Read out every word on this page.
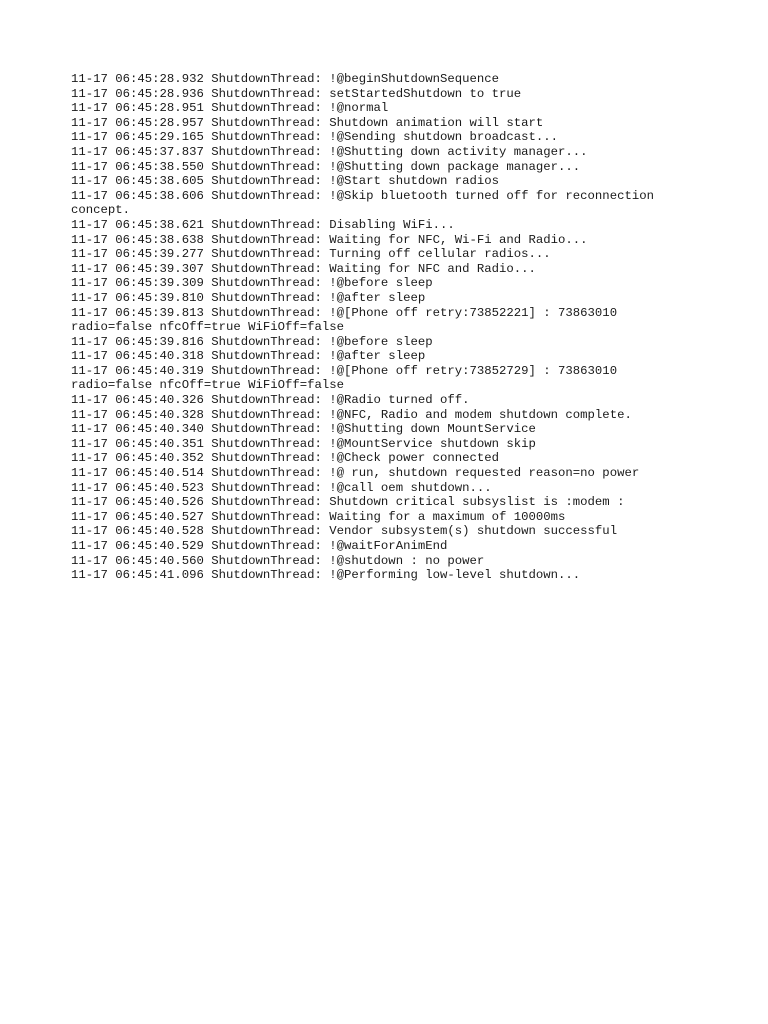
11-17 06:45:28.932 ShutdownThread: !@beginShutdownSequence
11-17 06:45:28.936 ShutdownThread: setStartedShutdown to true
11-17 06:45:28.951 ShutdownThread: !@normal
11-17 06:45:28.957 ShutdownThread: Shutdown animation will start
11-17 06:45:29.165 ShutdownThread: !@Sending shutdown broadcast...
11-17 06:45:37.837 ShutdownThread: !@Shutting down activity manager...
11-17 06:45:38.550 ShutdownThread: !@Shutting down package manager...
11-17 06:45:38.605 ShutdownThread: !@Start shutdown radios
11-17 06:45:38.606 ShutdownThread: !@Skip bluetooth turned off for reconnection
concept.
11-17 06:45:38.621 ShutdownThread: Disabling WiFi...
11-17 06:45:38.638 ShutdownThread: Waiting for NFC, Wi-Fi and Radio...
11-17 06:45:39.277 ShutdownThread: Turning off cellular radios...
11-17 06:45:39.307 ShutdownThread: Waiting for NFC and Radio...
11-17 06:45:39.309 ShutdownThread: !@before sleep
11-17 06:45:39.810 ShutdownThread: !@after sleep
11-17 06:45:39.813 ShutdownThread: !@[Phone off retry:73852221] : 73863010
radio=false nfcOff=true WiFiOff=false
11-17 06:45:39.816 ShutdownThread: !@before sleep
11-17 06:45:40.318 ShutdownThread: !@after sleep
11-17 06:45:40.319 ShutdownThread: !@[Phone off retry:73852729] : 73863010
radio=false nfcOff=true WiFiOff=false
11-17 06:45:40.326 ShutdownThread: !@Radio turned off.
11-17 06:45:40.328 ShutdownThread: !@NFC, Radio and modem shutdown complete.
11-17 06:45:40.340 ShutdownThread: !@Shutting down MountService
11-17 06:45:40.351 ShutdownThread: !@MountService shutdown skip
11-17 06:45:40.352 ShutdownThread: !@Check power connected
11-17 06:45:40.514 ShutdownThread: !@ run, shutdown requested reason=no power
11-17 06:45:40.523 ShutdownThread: !@call oem shutdown...
11-17 06:45:40.526 ShutdownThread: Shutdown critical subsyslist is :modem :
11-17 06:45:40.527 ShutdownThread: Waiting for a maximum of 10000ms
11-17 06:45:40.528 ShutdownThread: Vendor subsystem(s) shutdown successful
11-17 06:45:40.529 ShutdownThread: !@waitForAnimEnd
11-17 06:45:40.560 ShutdownThread: !@shutdown : no power
11-17 06:45:41.096 ShutdownThread: !@Performing low-level shutdown...
